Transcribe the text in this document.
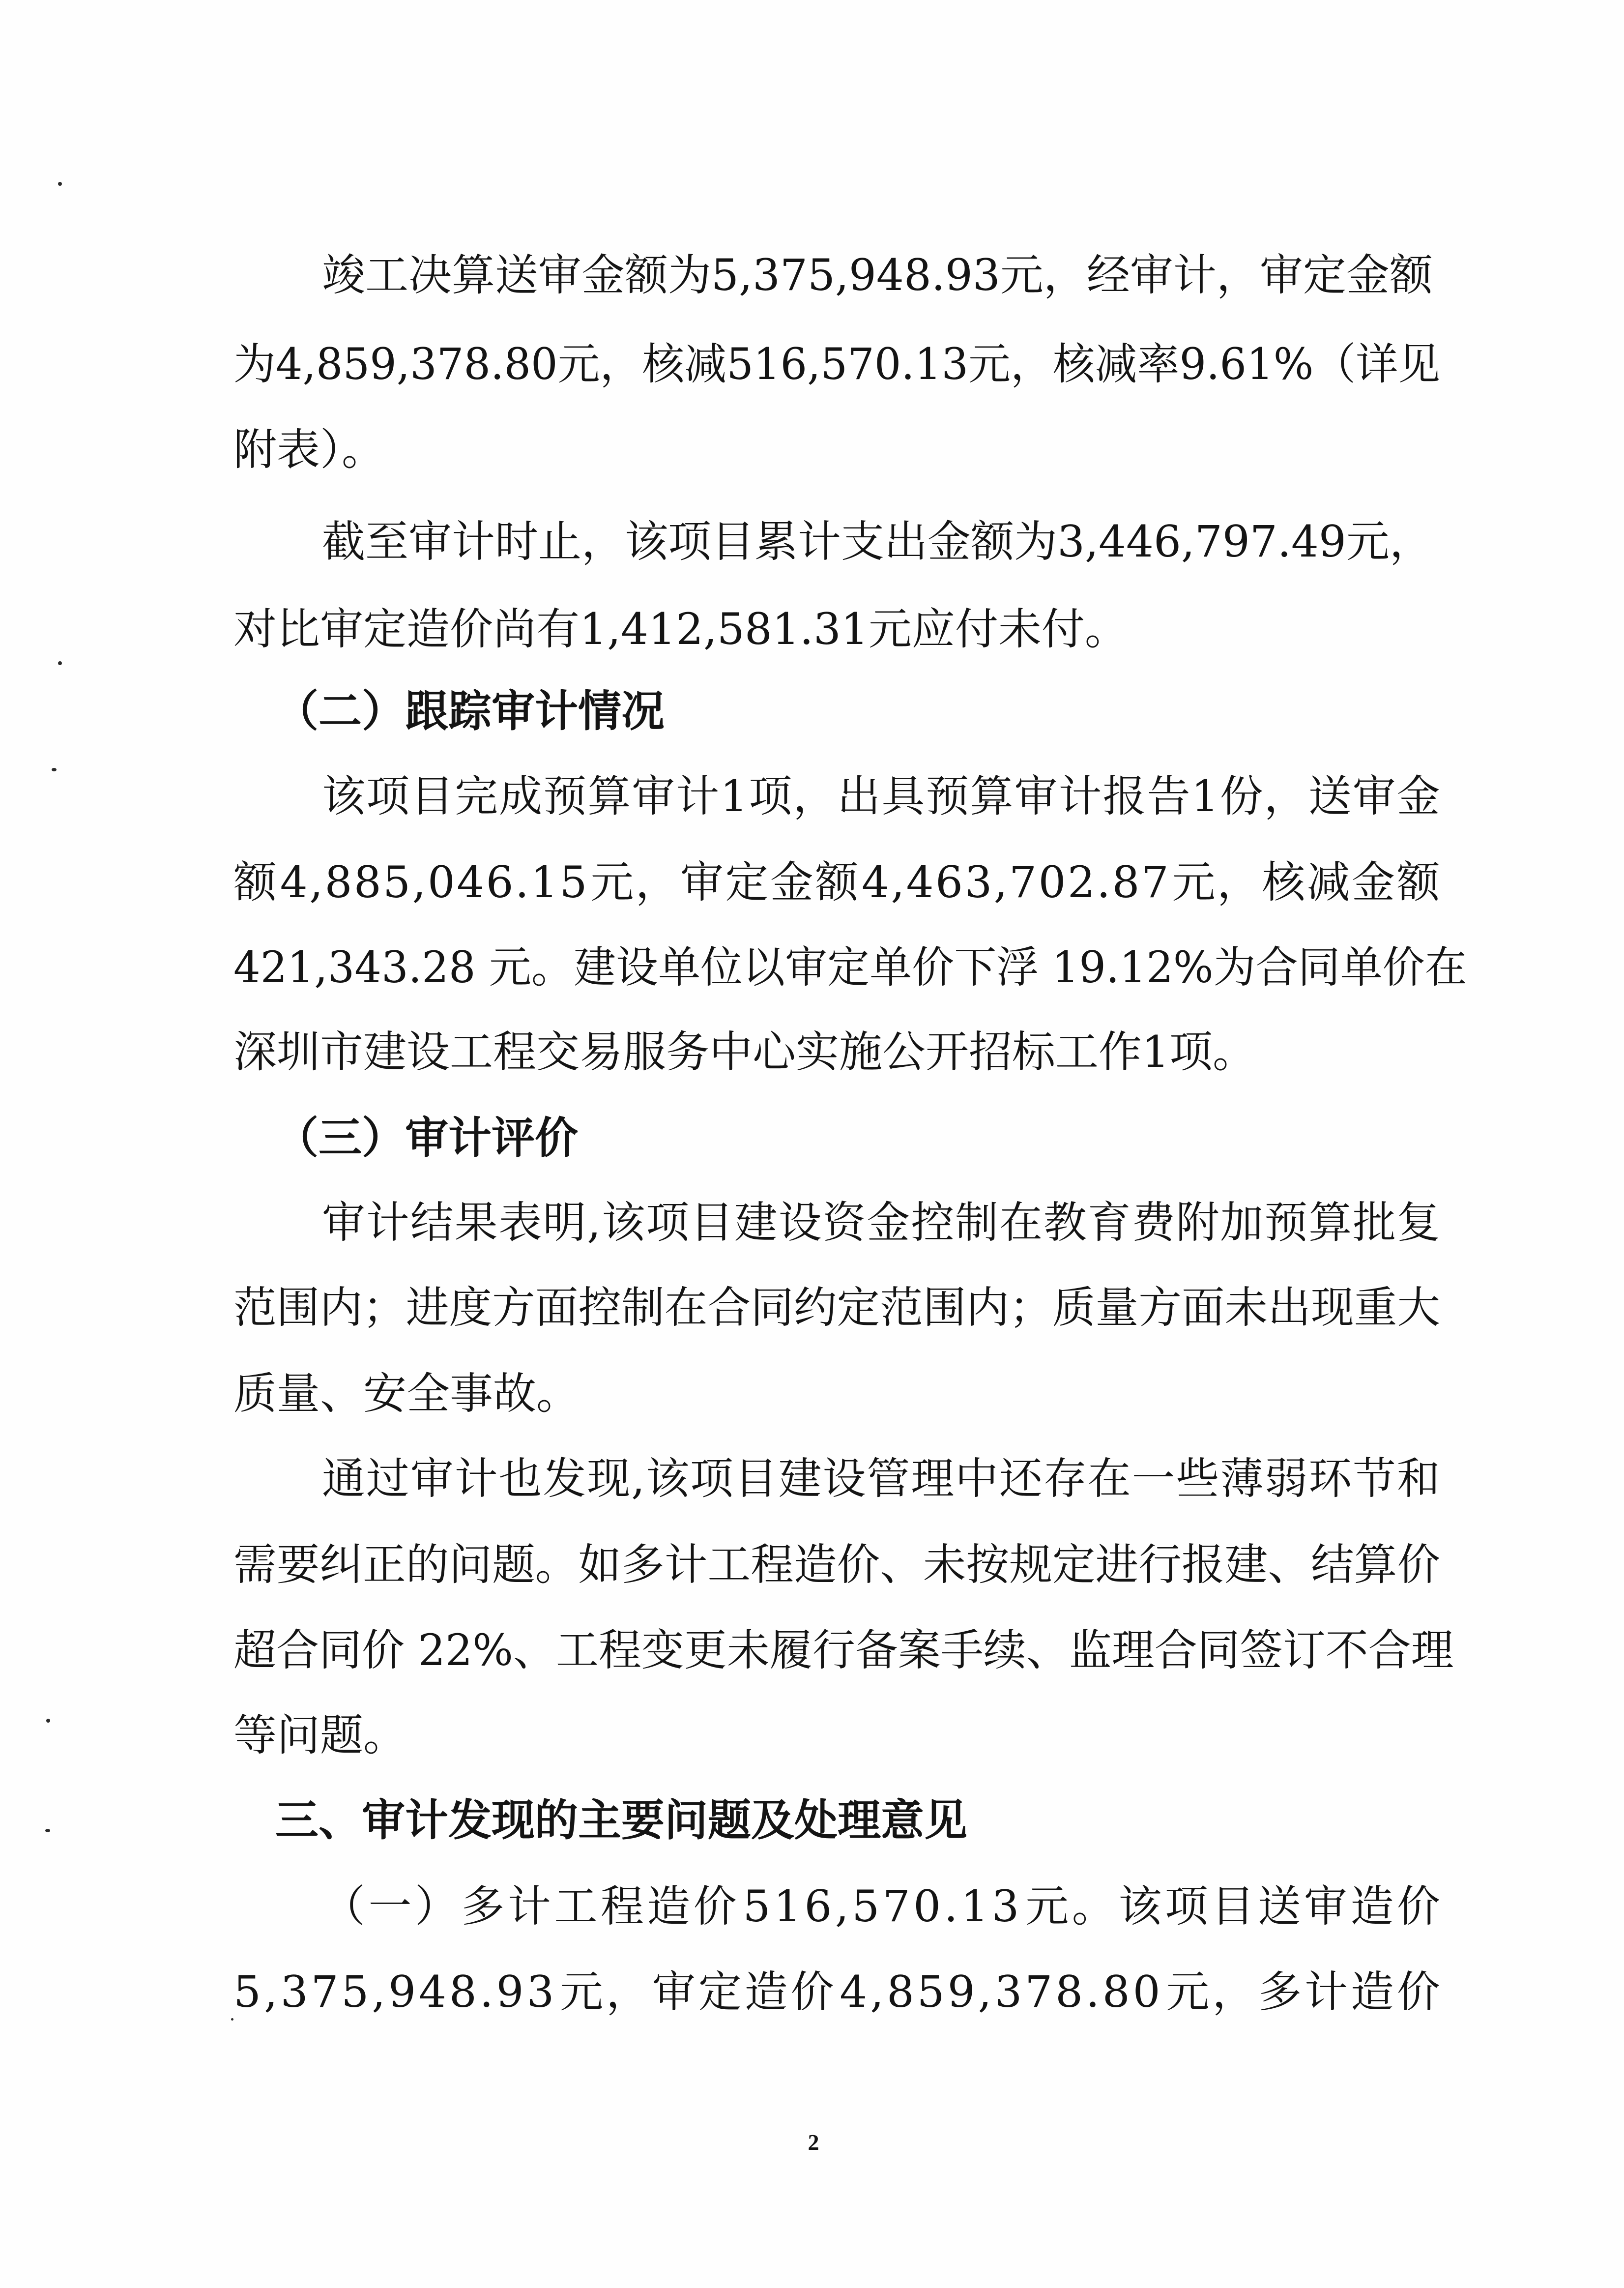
竣工决算送审金额为5,375,948.93元，经审计，审定金额
为4,859,378.80元，核减516,570.13元，核减率9.61%（详见
附表）。
截至审计时止，该项目累计支出金额为3,446,797.49元，
对比审定造价尚有1,412,581.31元应付未付。
（二）跟踪审计情况
该 项 目 完 成 预 算 审 计 1 项 ， 出 具 预 算 审 计 报 告 1 份 ， 送 审 金
额 4 , 8 8 5 , 0 4 6 . 1 5 元 ， 审 定 金 额 4 , 4 6 3 , 7 0 2 . 8 7 元 ， 核 减 金 额
421,343.28 元。建设单位以审定单价下浮 19.12%为合同单价在
深圳市建设工程交易服务中心实施公开招标工作1项。
（三）审计评价
审 计 结 果 表 明 , 该 项 目 建 设 资 金 控 制 在 教 育 费 附 加 预 算 批 复
范围内；进度方面控制在合同约定范围内；质量方面未出现重大
质量、安全事故。
通 过 审 计 也 发 现 , 该 项 目 建 设 管 理 中 还 存 在 一 些 薄 弱 环 节 和
需要纠正的问题。如多计工程造价、未按规定进行报建、结算价
超合同价 22%、工程变更未履行备案手续、监理合同签订不合理
等问题。
三、审计发现的主要问题及处理意见
（ 一 ） 多 计 工 程 造 价 5 1 6 , 5 7 0 . 1 3 元 。 该 项 目 送 审 造 价
5 , 3 7 5 , 9 4 8 . 9 3 元 ， 审 定 造 价 4 , 8 5 9 , 3 7 8 . 8 0 元 ， 多 计 造 价
2
